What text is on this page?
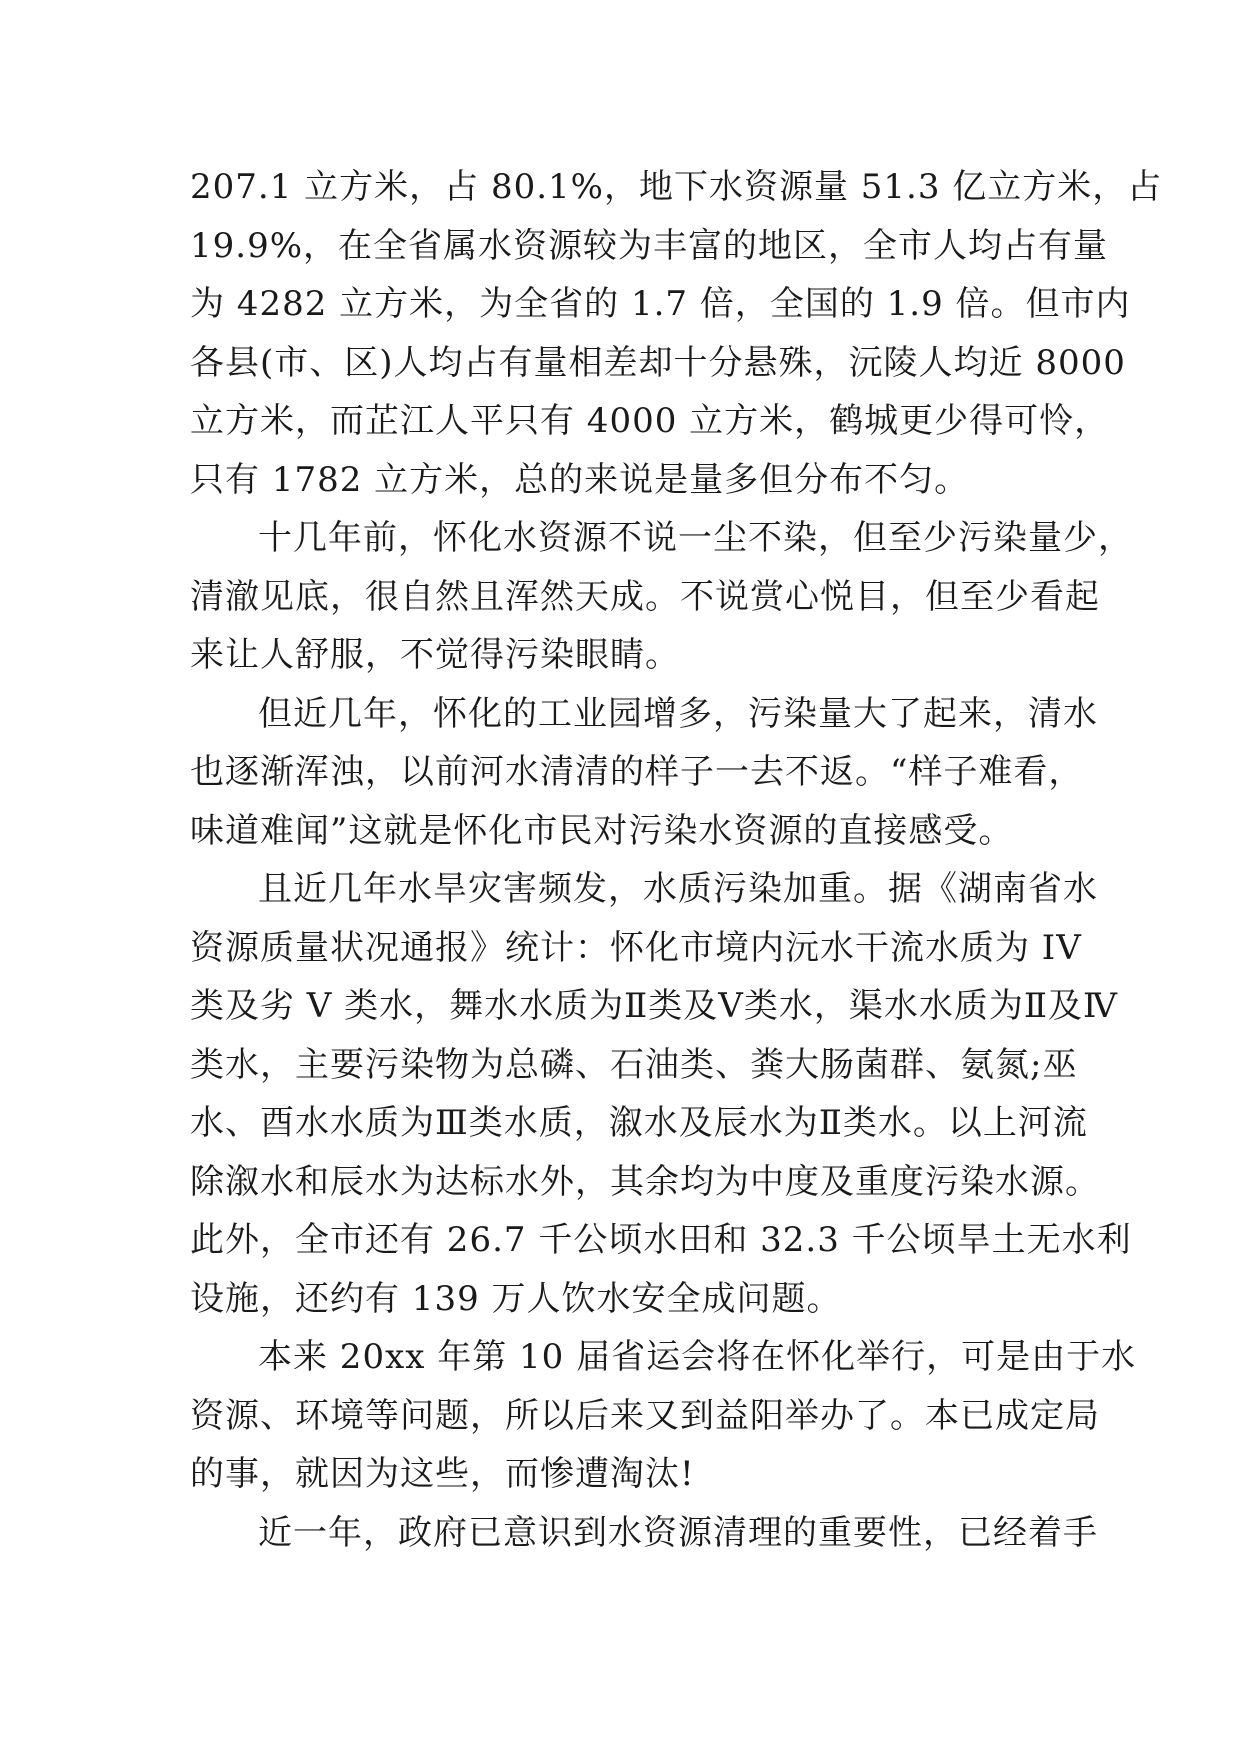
207.1 立方米，占 80.1%，地下水资源量 51.3 亿立方米，占
19.9%，在全省属水资源较为丰富的地区，全市人均占有量
为 4282 立方米，为全省的 1.7 倍，全国的 1.9 倍。但市内
各县(市、区)人均占有量相差却十分悬殊，沅陵人均近 8000
立方米，而芷江人平只有 4000 立方米，鹤城更少得可怜，
只有 1782 立方米，总的来说是量多但分布不匀。
十几年前，怀化水资源不说一尘不染，但至少污染量少，
清澈见底，很自然且浑然天成。不说赏心悦目，但至少看起
来让人舒服，不觉得污染眼睛。
但近几年，怀化的工业园增多，污染量大了起来，清水
也逐渐浑浊，以前河水清清的样子一去不返。“样子难看，
味道难闻”这就是怀化市民对污染水资源的直接感受。
且近几年水旱灾害频发，水质污染加重。据《湖南省水
资源质量状况通报》统计：怀化市境内沅水干流水质为 IV
类及劣 V 类水，舞水水质为Ⅱ类及Ⅴ类水，渠水水质为Ⅱ及Ⅳ
类水，主要污染物为总磷、石油类、粪大肠菌群、氨氮;巫
水、酉水水质为Ⅲ类水质，溆水及辰水为Ⅱ类水。以上河流
除溆水和辰水为达标水外，其余均为中度及重度污染水源。
此外，全市还有 26.7 千公顷水田和 32.3 千公顷旱土无水利
设施，还约有 139 万人饮水安全成问题。
本来 20xx 年第 10 届省运会将在怀化举行，可是由于水
资源、环境等问题，所以后来又到益阳举办了。本已成定局
的事，就因为这些，而惨遭淘汰!
近一年，政府已意识到水资源清理的重要性，已经着手
